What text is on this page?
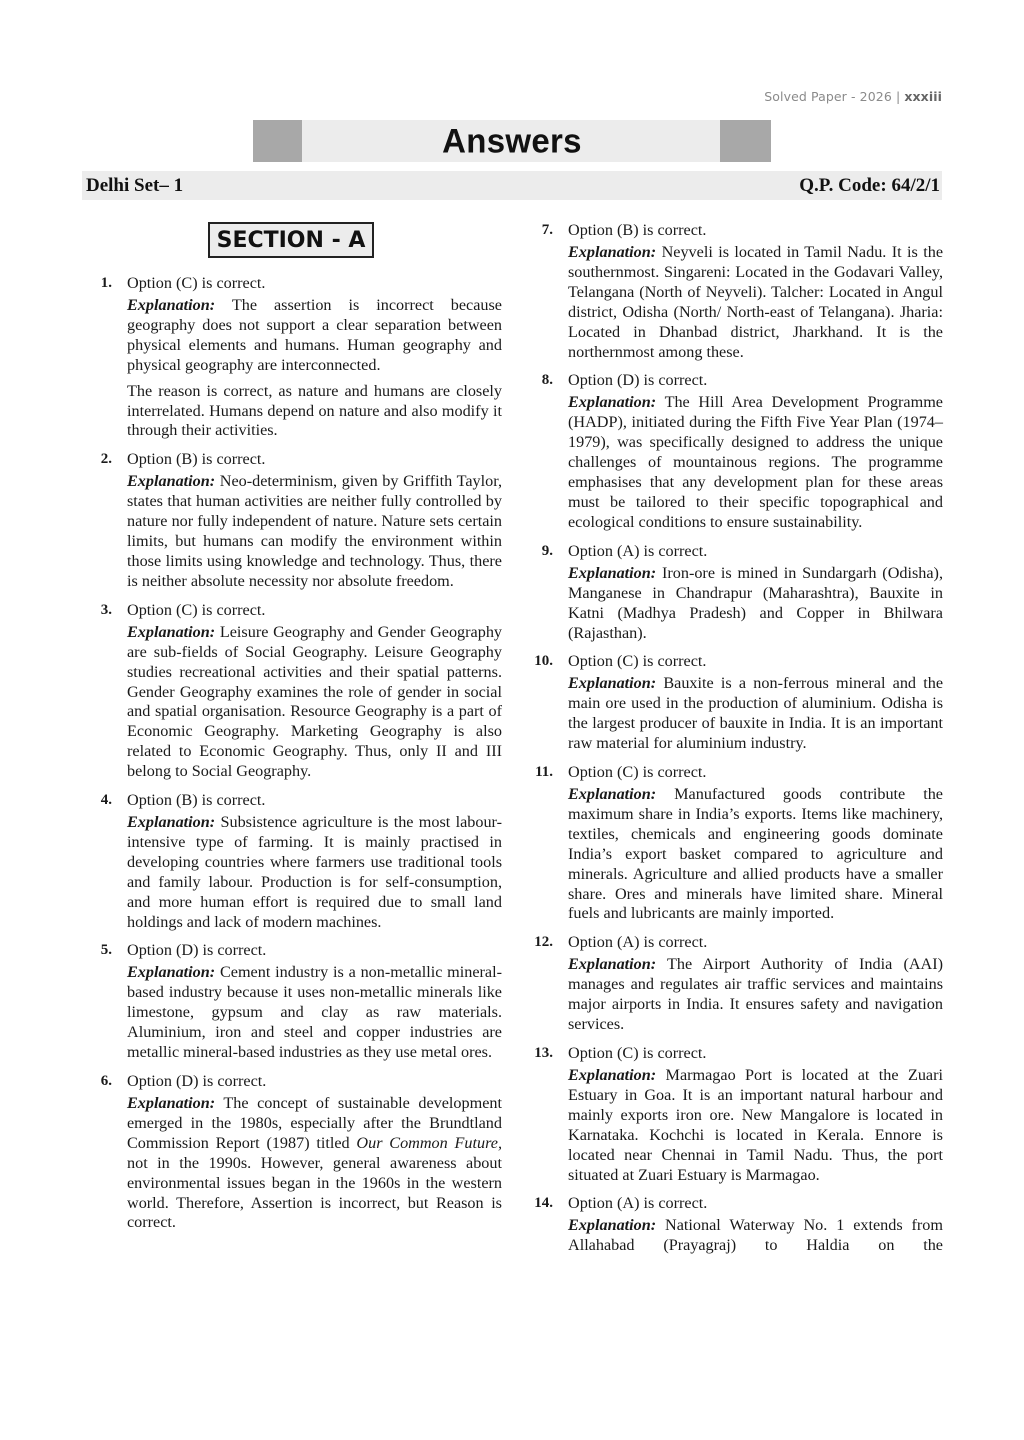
Solved Paper - 2026 | xxxiii
Answers
Delhi Set– 1	Q.P. Code: 64/2/1
SECTION - A
1. Option (C) is correct.

Explanation: The assertion is incorrect because geography does not support a clear separation between physical elements and humans. Human geography and physical geography are interconnected.

The reason is correct, as nature and humans are closely interrelated. Humans depend on nature and also modify it through their activities.

2. Option (B) is correct.

Explanation: Neo-determinism, given by Griffith Taylor, states that human activities are neither fully controlled by nature nor fully independent of nature. Nature sets certain limits, but humans can modify the environment within those limits using knowledge and technology. Thus, there is neither absolute necessity nor absolute freedom.

3. Option (C) is correct.

Explanation: Leisure Geography and Gender Geography are sub-fields of Social Geography. Leisure Geography studies recreational activities and their spatial patterns. Gender Geography examines the role of gender in social and spatial organisation. Resource Geography is a part of Economic Geography. Marketing Geography is also related to Economic Geography. Thus, only II and III belong to Social Geography.

4. Option (B) is correct.

Explanation: Subsistence agriculture is the most labour-intensive type of farming. It is mainly practised in developing countries where farmers use traditional tools and family labour. Production is for self-consumption, and more human effort is required due to small land holdings and lack of modern machines.

5. Option (D) is correct.

Explanation: Cement industry is a non-metallic mineral-based industry because it uses non-metallic minerals like limestone, gypsum and clay as raw materials. Aluminium, iron and steel and copper industries are metallic mineral-based industries as they use metal ores.

6. Option (D) is correct.

Explanation: The concept of sustainable development emerged in the 1980s, especially after the Brundtland Commission Report (1987) titled Our Common Future, not in the 1990s. However, general awareness about environmental issues began in the 1960s in the western world. Therefore, Assertion is incorrect, but Reason is correct.

7. Option (B) is correct.

Explanation: Neyveli is located in Tamil Nadu. It is the southernmost. Singareni: Located in the Godavari Valley, Telangana (North of Neyveli). Talcher: Located in Angul district, Odisha (North/ North-east of Telangana). Jharia: Located in Dhanbad district, Jharkhand. It is the northernmost among these.

8. Option (D) is correct.

Explanation: The Hill Area Development Programme (HADP), initiated during the Fifth Five Year Plan (1974–1979), was specifically designed to address the unique challenges of mountainous regions. The programme emphasises that any development plan for these areas must be tailored to their specific topographical and ecological conditions to ensure sustainability.

9. Option (A) is correct.

Explanation: Iron-ore is mined in Sundargarh (Odisha), Manganese in Chandrapur (Maharashtra), Bauxite in Katni (Madhya Pradesh) and Copper in Bhilwara (Rajasthan).

10. Option (C) is correct.

Explanation: Bauxite is a non-ferrous mineral and the main ore used in the production of aluminium. Odisha is the largest producer of bauxite in India. It is an important raw material for aluminium industry.

11. Option (C) is correct.

Explanation: Manufactured goods contribute the maximum share in India’s exports. Items like machinery, textiles, chemicals and engineering goods dominate India’s export basket compared to agriculture and minerals. Agriculture and allied products have a smaller share. Ores and minerals have limited share. Mineral fuels and lubricants are mainly imported.

12. Option (A) is correct.

Explanation: The Airport Authority of India (AAI) manages and regulates air traffic services and maintains major airports in India. It ensures safety and navigation services.

13. Option (C) is correct.

Explanation: Marmagao Port is located at the Zuari Estuary in Goa. It is an important natural harbour and mainly exports iron ore. New Mangalore is located in Karnataka. Kochchi is located in Kerala. Ennore is located near Chennai in Tamil Nadu. Thus, the port situated at Zuari Estuary is Marmagao.

14. Option (A) is correct.

Explanation: National Waterway No. 1 extends from Allahabad (Prayagraj) to Haldia on the
